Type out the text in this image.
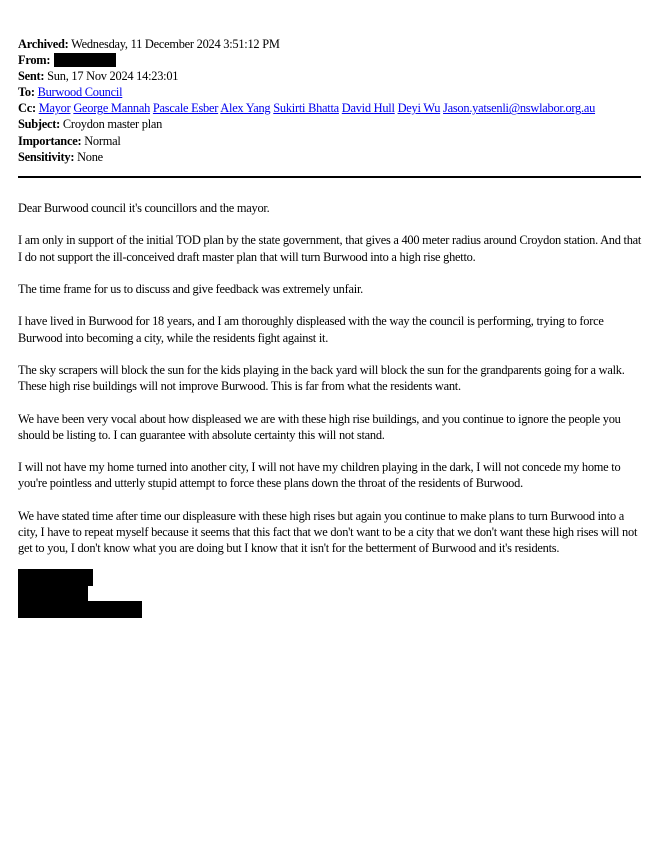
Archived: Wednesday, 11 December 2024 3:51:12 PM
From:
Sent: Sun, 17 Nov 2024 14:23:01
To: Burwood Council
Cc: Mayor George Mannah Pascale Esber Alex Yang Sukirti Bhatta David Hull Deyi Wu Jason.yatsenli@nswlabor.org.au
Subject: Croydon master plan
Importance: Normal
Sensitivity: None

Dear Burwood council it's councillors and the mayor.

I am only in support of the initial TOD plan by the state government, that gives a 400 meter radius around Croydon station. And that I do not support the ill-conceived draft master plan that will turn Burwood into a high rise ghetto.

The time frame for us to discuss and give feedback was extremely unfair.

I have lived in Burwood for 18 years, and I am thoroughly displeased with the way the council is performing, trying to force Burwood into becoming a city, while the residents fight against it.

The sky scrapers will block the sun for the kids playing in the back yard will block the sun for the grandparents going for a walk. These high rise buildings will not improve Burwood. This is far from what the residents want.

We have been very vocal about how displeased we are with these high rise buildings, and you continue to ignore the people you should be listing to. I can guarantee with absolute certainty this will not stand.

I will not have my home turned into another city, I will not have my children playing in the dark, I will not concede my home to you're pointless and utterly stupid attempt to force these plans down the throat of the residents of Burwood.

We have stated time after time our displeasure with these high rises but again you continue to make plans to turn Burwood into a city, I have to repeat myself because it seems that this fact that we don't want to be a city that we don't want these high rises will not get to you, I don't know what you are doing but I know that it isn't for the betterment of Burwood and it's residents.
